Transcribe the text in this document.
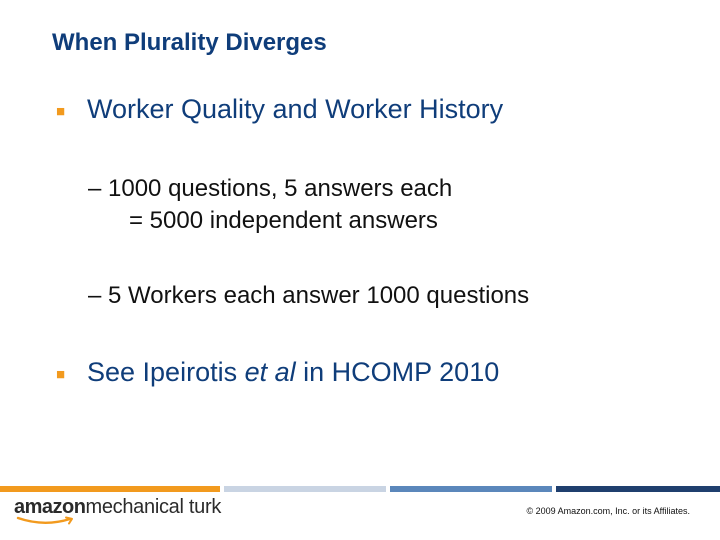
When Plurality Diverges
■ Worker Quality and Worker History
– 1000 questions, 5 answers each
= 5000 independent answers
– 5 Workers each answer 1000 questions
■ See Ipeirotis et al in HCOMP 2010
amazonmechanical turk	© 2009 Amazon.com, Inc. or its Affiliates.
